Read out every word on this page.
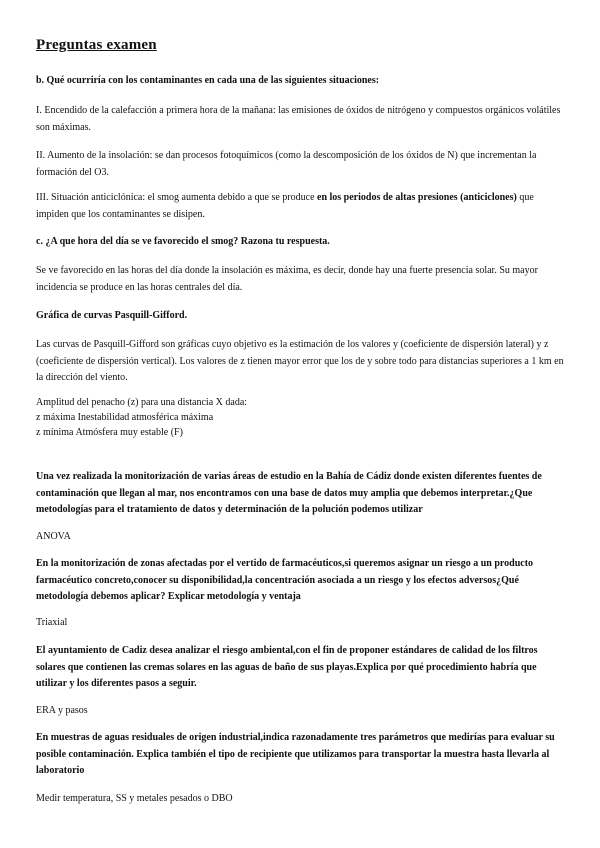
Preguntas examen

b. Qué ocurriría con los contaminantes en cada una de las siguientes situaciones:

I. Encendido de la calefacción a primera hora de la mañana: las emisiones de óxidos de nitrógeno y compuestos orgánicos volátiles son máximas.

II. Aumento de la insolación: se dan procesos fotoquímicos (como la descomposición de los óxidos de N) que incrementan la formación del O3.

III. Situación anticiclónica: el smog aumenta debido a que se produce en los periodos de altas presiones (anticiclones) que impiden que los contaminantes se disipen.

c. ¿A que hora del día se ve favorecido el smog? Razona tu respuesta.

Se ve favorecido en las horas del día donde la insolación es máxima, es decir, donde hay una fuerte presencia solar. Su mayor incidencia se produce en las horas centrales del día.

Gráfica de curvas Pasquill-Gifford.

Las curvas de Pasquill-Gifford son gráficas cuyo objetivo es la estimación de los valores y (coeficiente de dispersión lateral) y z (coeficiente de dispersión vertical). Los valores de z tienen mayor error que los de y sobre todo para distancias superiores a 1 km en la dirección del viento.

Amplitud del penacho (z) para una distancia X dada:

z máxima Inestabilidad atmosférica máxima

z mínima Atmósfera muy estable (F)

Una vez realizada la monitorización de varias áreas de estudio en la Bahía de Cádiz donde existen diferentes fuentes de contaminación que llegan al mar, nos encontramos con una base de datos muy amplia que debemos interpretar.¿Que metodologías para el tratamiento de datos y determinación de la polución podemos utilizar

ANOVA

En la monitorización de zonas afectadas por el vertido de farmacéuticos,si queremos asignar un riesgo a un producto farmacéutico concreto,conocer su disponibilidad,la concentración asociada a un riesgo y los efectos adversos¿Qué metodología debemos aplicar? Explicar metodología y ventaja

Triaxial

El ayuntamiento de Cadiz desea analizar el riesgo ambiental,con el fin de proponer estándares de calidad de los filtros solares que contienen las cremas solares en las aguas de baño de sus playas.Explica por qué procedimiento habría que utilizar y los diferentes pasos a seguir.

ERA y pasos

En muestras de aguas residuales de origen industrial,indica razonadamente tres parámetros que medirías para evaluar su posible contaminación. Explica también el tipo de recipiente que utilizamos para transportar la muestra hasta llevarla al laboratorio

Medir temperatura, SS y metales pesados o DBO
